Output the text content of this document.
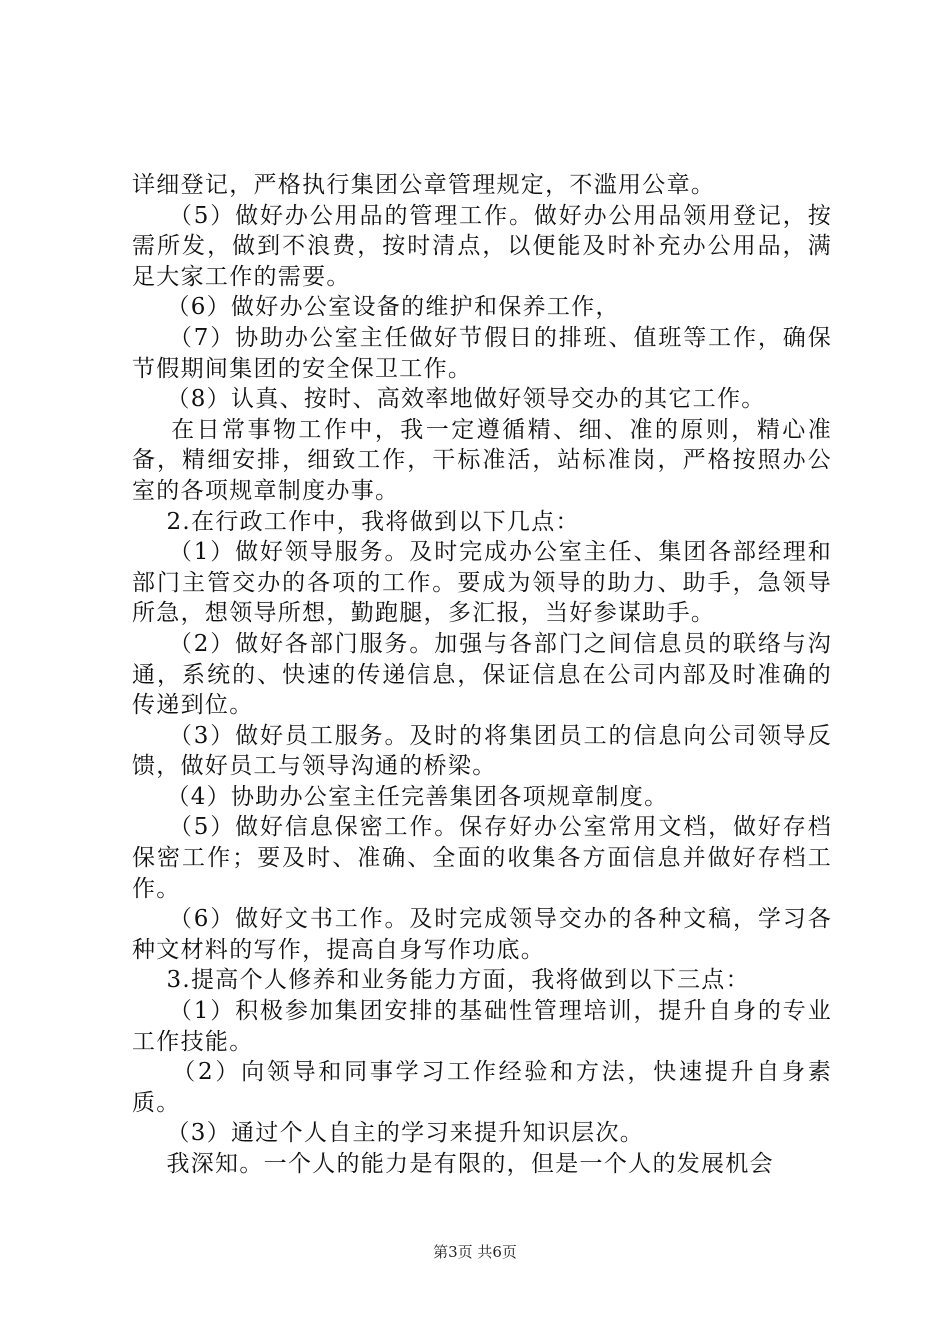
详细登记，严格执行集团公章管理规定，不滥用公章。

（5）做好办公用品的管理工作。做好办公用品领用登记，按需所发，做到不浪费，按时清点，以便能及时补充办公用品，满足大家工作的需要。

（6）做好办公室设备的维护和保养工作，

（7）协助办公室主任做好节假日的排班、值班等工作，确保节假期间集团的安全保卫工作。

（8）认真、按时、高效率地做好领导交办的其它工作。

在日常事物工作中，我一定遵循精、细、准的原则，精心准备，精细安排，细致工作，干标准活，站标准岗，严格按照办公室的各项规章制度办事。

2.在行政工作中，我将做到以下几点：

（1）做好领导服务。及时完成办公室主任、集团各部经理和部门主管交办的各项的工作。要成为领导的助力、助手，急领导所急，想领导所想，勤跑腿，多汇报，当好参谋助手。

（2）做好各部门服务。加强与各部门之间信息员的联络与沟通，系统的、快速的传递信息，保证信息在公司内部及时准确的传递到位。

（3）做好员工服务。及时的将集团员工的信息向公司领导反馈，做好员工与领导沟通的桥梁。

（4）协助办公室主任完善集团各项规章制度。

（5）做好信息保密工作。保存好办公室常用文档，做好存档保密工作；要及时、准确、全面的收集各方面信息并做好存档工作。

（6）做好文书工作。及时完成领导交办的各种文稿，学习各种文材料的写作，提高自身写作功底。

3.提高个人修养和业务能力方面，我将做到以下三点：

（1）积极参加集团安排的基础性管理培训，提升自身的专业工作技能。

（2）向领导和同事学习工作经验和方法，快速提升自身素质。

（3）通过个人自主的学习来提升知识层次。

我深知。一个人的能力是有限的，但是一个人的发展机会

第3页 共6页
